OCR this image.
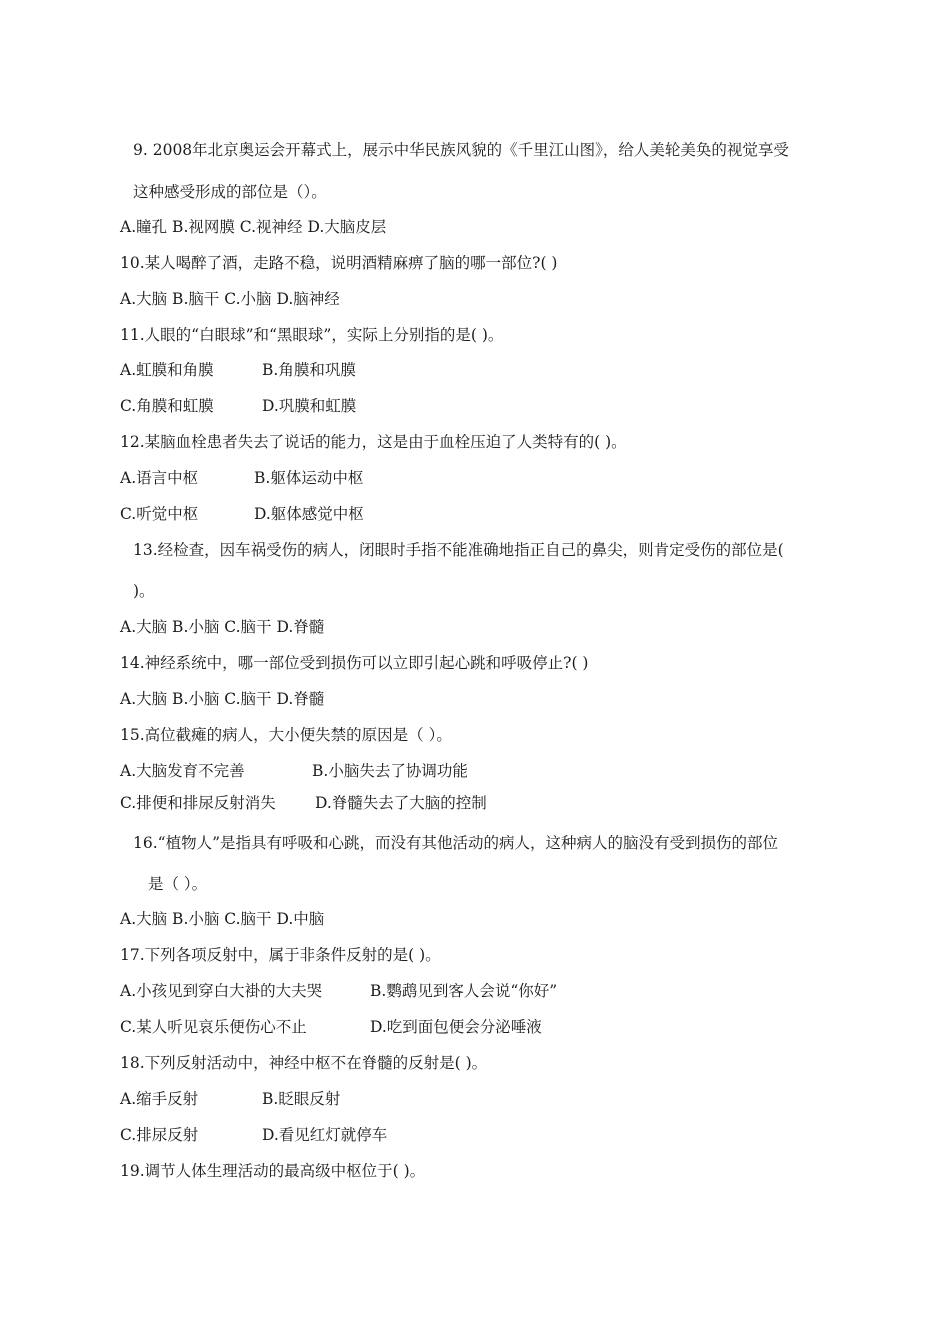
9. 2008年北京奥运会开幕式上，展示中华民族风貌的《千里江山图》，给人美轮美奂的视觉享受
这种感受形成的部位是（）。
A.瞳孔 B.视网膜 C.视神经 D.大脑皮层
10.某人喝醉了酒，走路不稳，说明酒精麻痹了脑的哪一部位?( )
A.大脑 B.脑干 C.小脑 D.脑神经
11.人眼的“白眼球”和“黑眼球”，实际上分别指的是( )。
A.虹膜和角膜	B.角膜和巩膜
C.角膜和虹膜	D.巩膜和虹膜
12.某脑血栓患者失去了说话的能力，这是由于血栓压迫了人类特有的( )。
A.语言中枢	B.躯体运动中枢
C.听觉中枢	D.躯体感觉中枢
13.经检查，因车祸受伤的病人，闭眼时手指不能准确地指正自己的鼻尖，则肯定受伤的部位是(
)。
A.大脑 B.小脑 C.脑干 D.脊髓
14.神经系统中，哪一部位受到损伤可以立即引起心跳和呼吸停止?( )
A.大脑 B.小脑 C.脑干 D.脊髓
15.高位截瘫的病人，大小便失禁的原因是（ ）。
A.大脑发育不完善	B.小脑失去了协调功能
C.排便和排尿反射消失	D.脊髓失去了大脑的控制
16.“植物人”是指具有呼吸和心跳，而没有其他活动的病人，这种病人的脑没有受到损伤的部位
是（ ）。
A.大脑 B.小脑 C.脑干 D.中脑
17.下列各项反射中，属于非条件反射的是( )。
A.小孩见到穿白大褂的大夫哭	B.鹦鹉见到客人会说“你好”
C.某人听见哀乐便伤心不止	D.吃到面包便会分泌唾液
18.下列反射活动中，神经中枢不在脊髓的反射是( )。
A.缩手反射	B.眨眼反射
C.排尿反射	D.看见红灯就停车
19.调节人体生理活动的最高级中枢位于( )。
